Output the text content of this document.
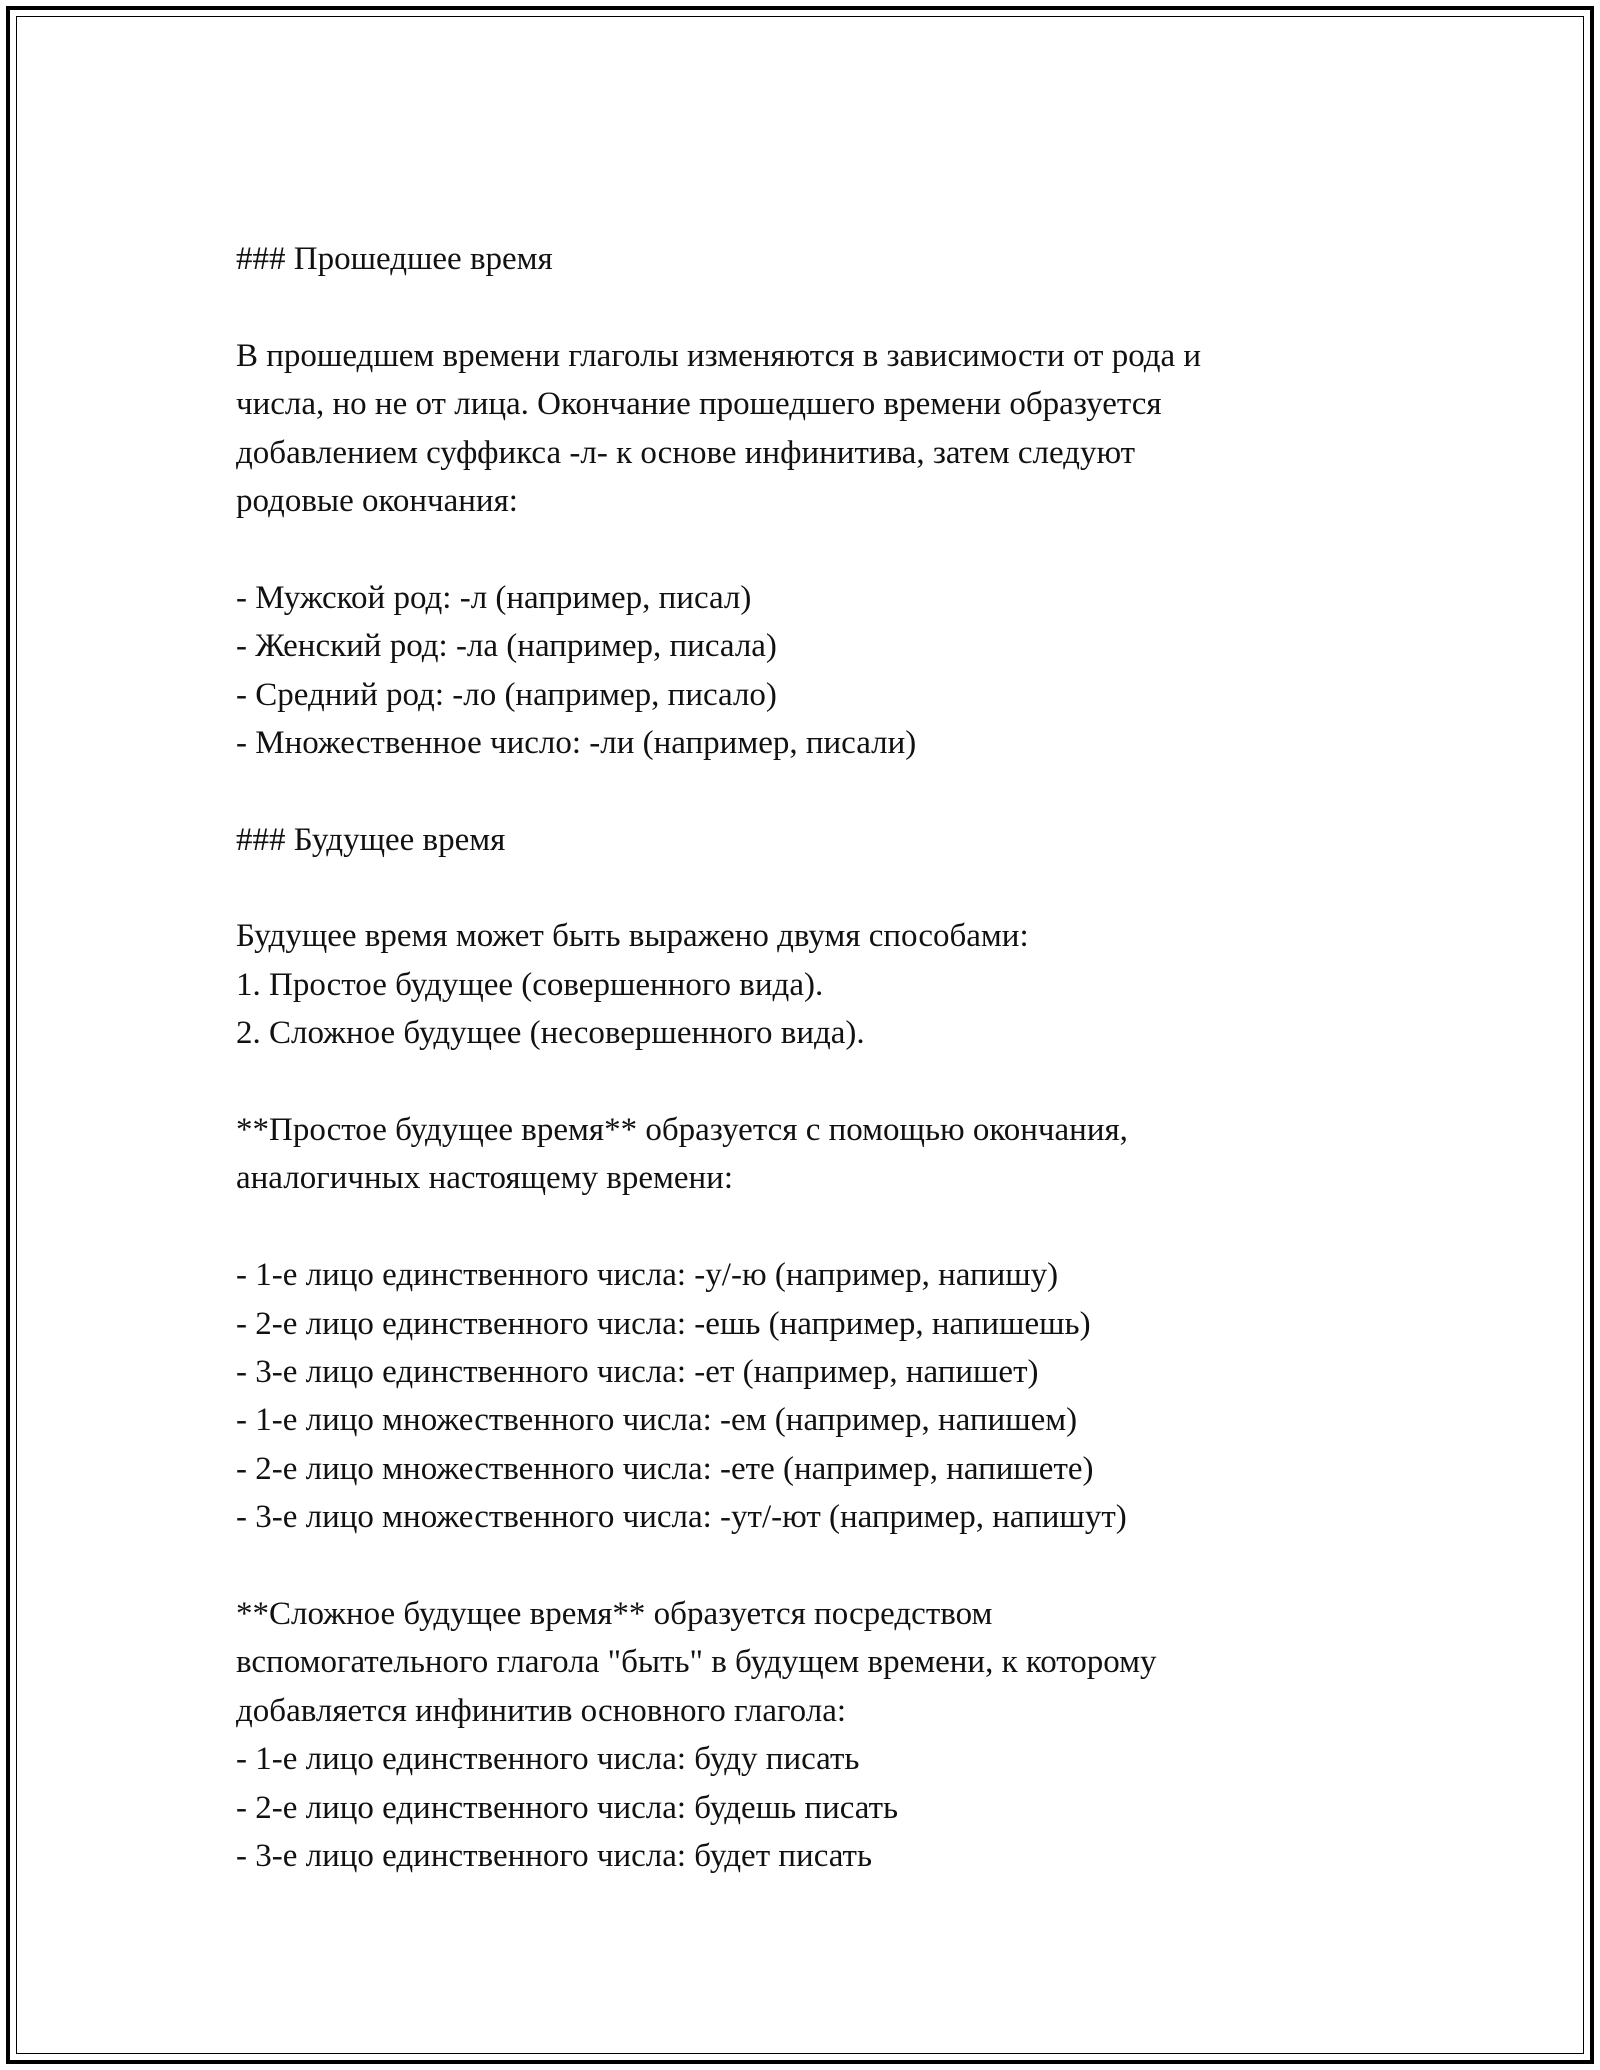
### Прошедшее время
В прошедшем времени глаголы изменяются в зависимости от рода и
числа, но не от лица. Окончание прошедшего времени образуется
добавлением суффикса -л- к основе инфинитива, затем следуют
родовые окончания:
- Мужской род: -л (например, писал)
- Женский род: -ла (например, писала)
- Средний род: -ло (например, писало)
- Множественное число: -ли (например, писали)
### Будущее время
Будущее время может быть выражено двумя способами:
1. Простое будущее (совершенного вида).
2. Сложное будущее (несовершенного вида).
**Простое будущее время** образуется с помощью окончания,
аналогичных настоящему времени:
- 1-е лицо единственного числа: -у/-ю (например, напишу)
- 2-е лицо единственного числа: -ешь (например, напишешь)
- 3-е лицо единственного числа: -ет (например, напишет)
- 1-е лицо множественного числа: -ем (например, напишем)
- 2-е лицо множественного числа: -ете (например, напишете)
- 3-е лицо множественного числа: -ут/-ют (например, напишут)
**Сложное будущее время** образуется посредством
вспомогательного глагола "быть" в будущем времени, к которому
добавляется инфинитив основного глагола:
- 1-е лицо единственного числа: буду писать
- 2-е лицо единственного числа: будешь писать
- 3-е лицо единственного числа: будет писать
